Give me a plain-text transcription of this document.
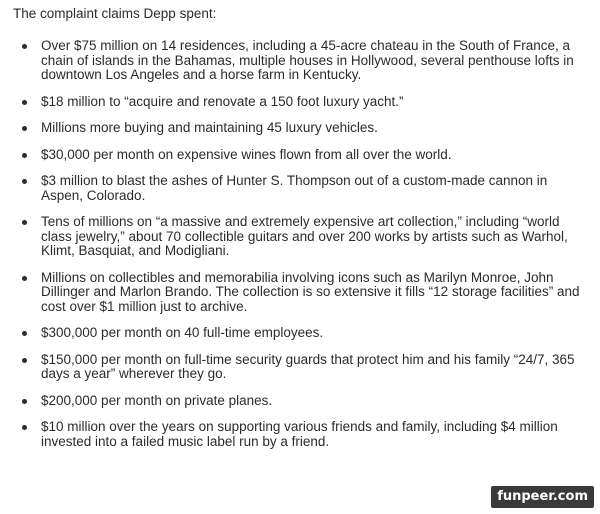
The complaint claims Depp spent:

Over $75 million on 14 residences, including a 45-acre chateau in the South of France, a chain of islands in the Bahamas, multiple houses in Hollywood, several penthouse lofts in downtown Los Angeles and a horse farm in Kentucky.
$18 million to “acquire and renovate a 150 foot luxury yacht.”
Millions more buying and maintaining 45 luxury vehicles.
$30,000 per month on expensive wines flown from all over the world.
$3 million to blast the ashes of Hunter S. Thompson out of a custom-made cannon in Aspen, Colorado.
Tens of millions on “a massive and extremely expensive art collection,” including “world class jewelry,” about 70 collectible guitars and over 200 works by artists such as Warhol, Klimt, Basquiat, and Modigliani.
Millions on collectibles and memorabilia involving icons such as Marilyn Monroe, John Dillinger and Marlon Brando. The collection is so extensive it fills “12 storage facilities” and cost over $1 million just to archive.
$300,000 per month on 40 full-time employees.
$150,000 per month on full-time security guards that protect him and his family “24/7, 365 days a year” wherever they go.
$200,000 per month on private planes.
$10 million over the years on supporting various friends and family, including $4 million invested into a failed music label run by a friend.
funpeer.com
